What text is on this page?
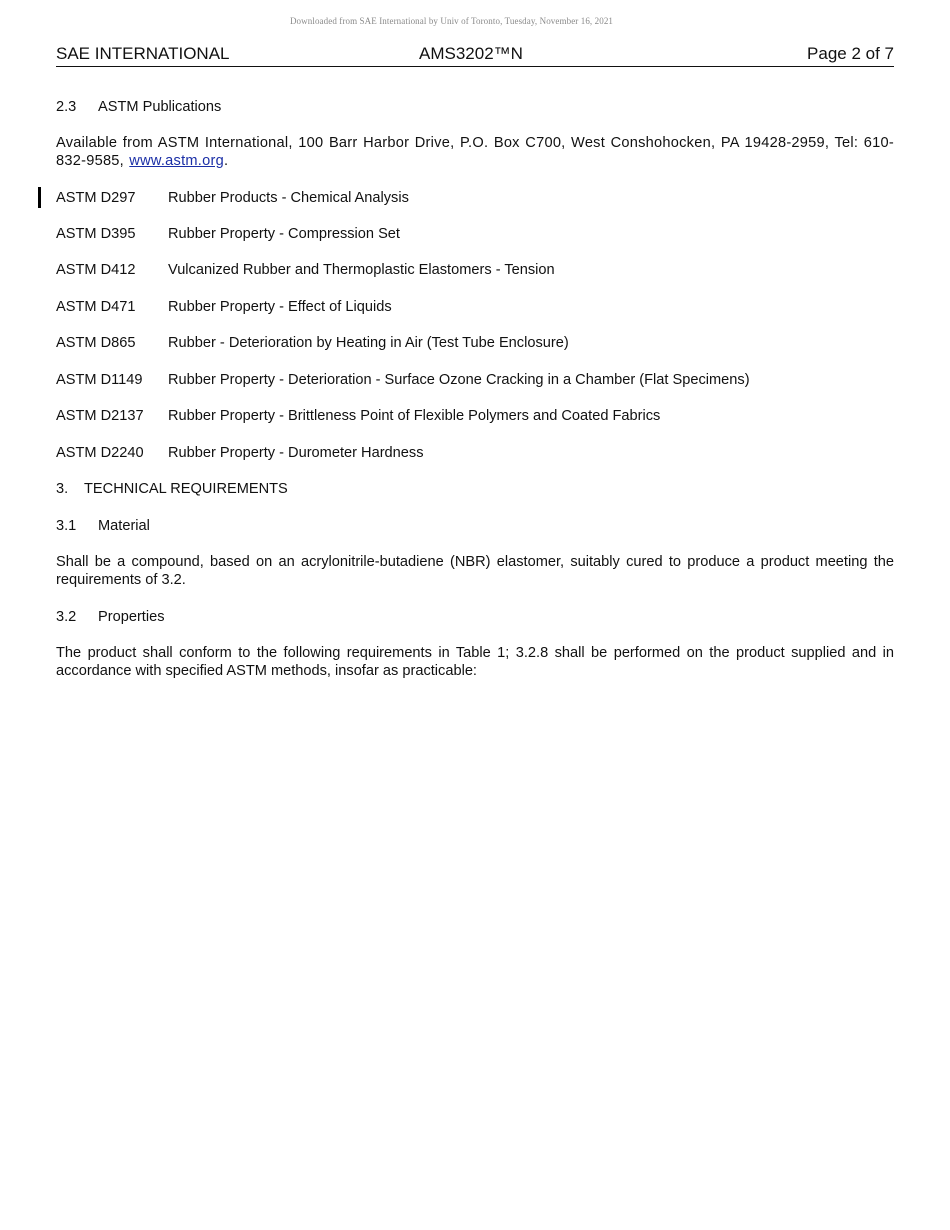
Downloaded from SAE International by Univ of Toronto, Tuesday, November 16, 2021
SAE INTERNATIONAL	AMS3202™N	Page 2 of 7
2.3 ASTM Publications
Available from ASTM International, 100 Barr Harbor Drive, P.O. Box C700, West Conshohocken, PA 19428-2959, Tel: 610-832-9585, www.astm.org.
ASTM D297 Rubber Products - Chemical Analysis
ASTM D395 Rubber Property - Compression Set
ASTM D412 Vulcanized Rubber and Thermoplastic Elastomers - Tension
ASTM D471 Rubber Property - Effect of Liquids
ASTM D865 Rubber - Deterioration by Heating in Air (Test Tube Enclosure)
ASTM D1149 Rubber Property - Deterioration - Surface Ozone Cracking in a Chamber (Flat Specimens)
ASTM D2137 Rubber Property - Brittleness Point of Flexible Polymers and Coated Fabrics
ASTM D2240 Rubber Property - Durometer Hardness
3. TECHNICAL REQUIREMENTS
3.1 Material
Shall be a compound, based on an acrylonitrile-butadiene (NBR) elastomer, suitably cured to produce a product meeting the requirements of 3.2.
3.2 Properties
The product shall conform to the following requirements in Table 1; 3.2.8 shall be performed on the product supplied and in accordance with specified ASTM methods, insofar as practicable:
